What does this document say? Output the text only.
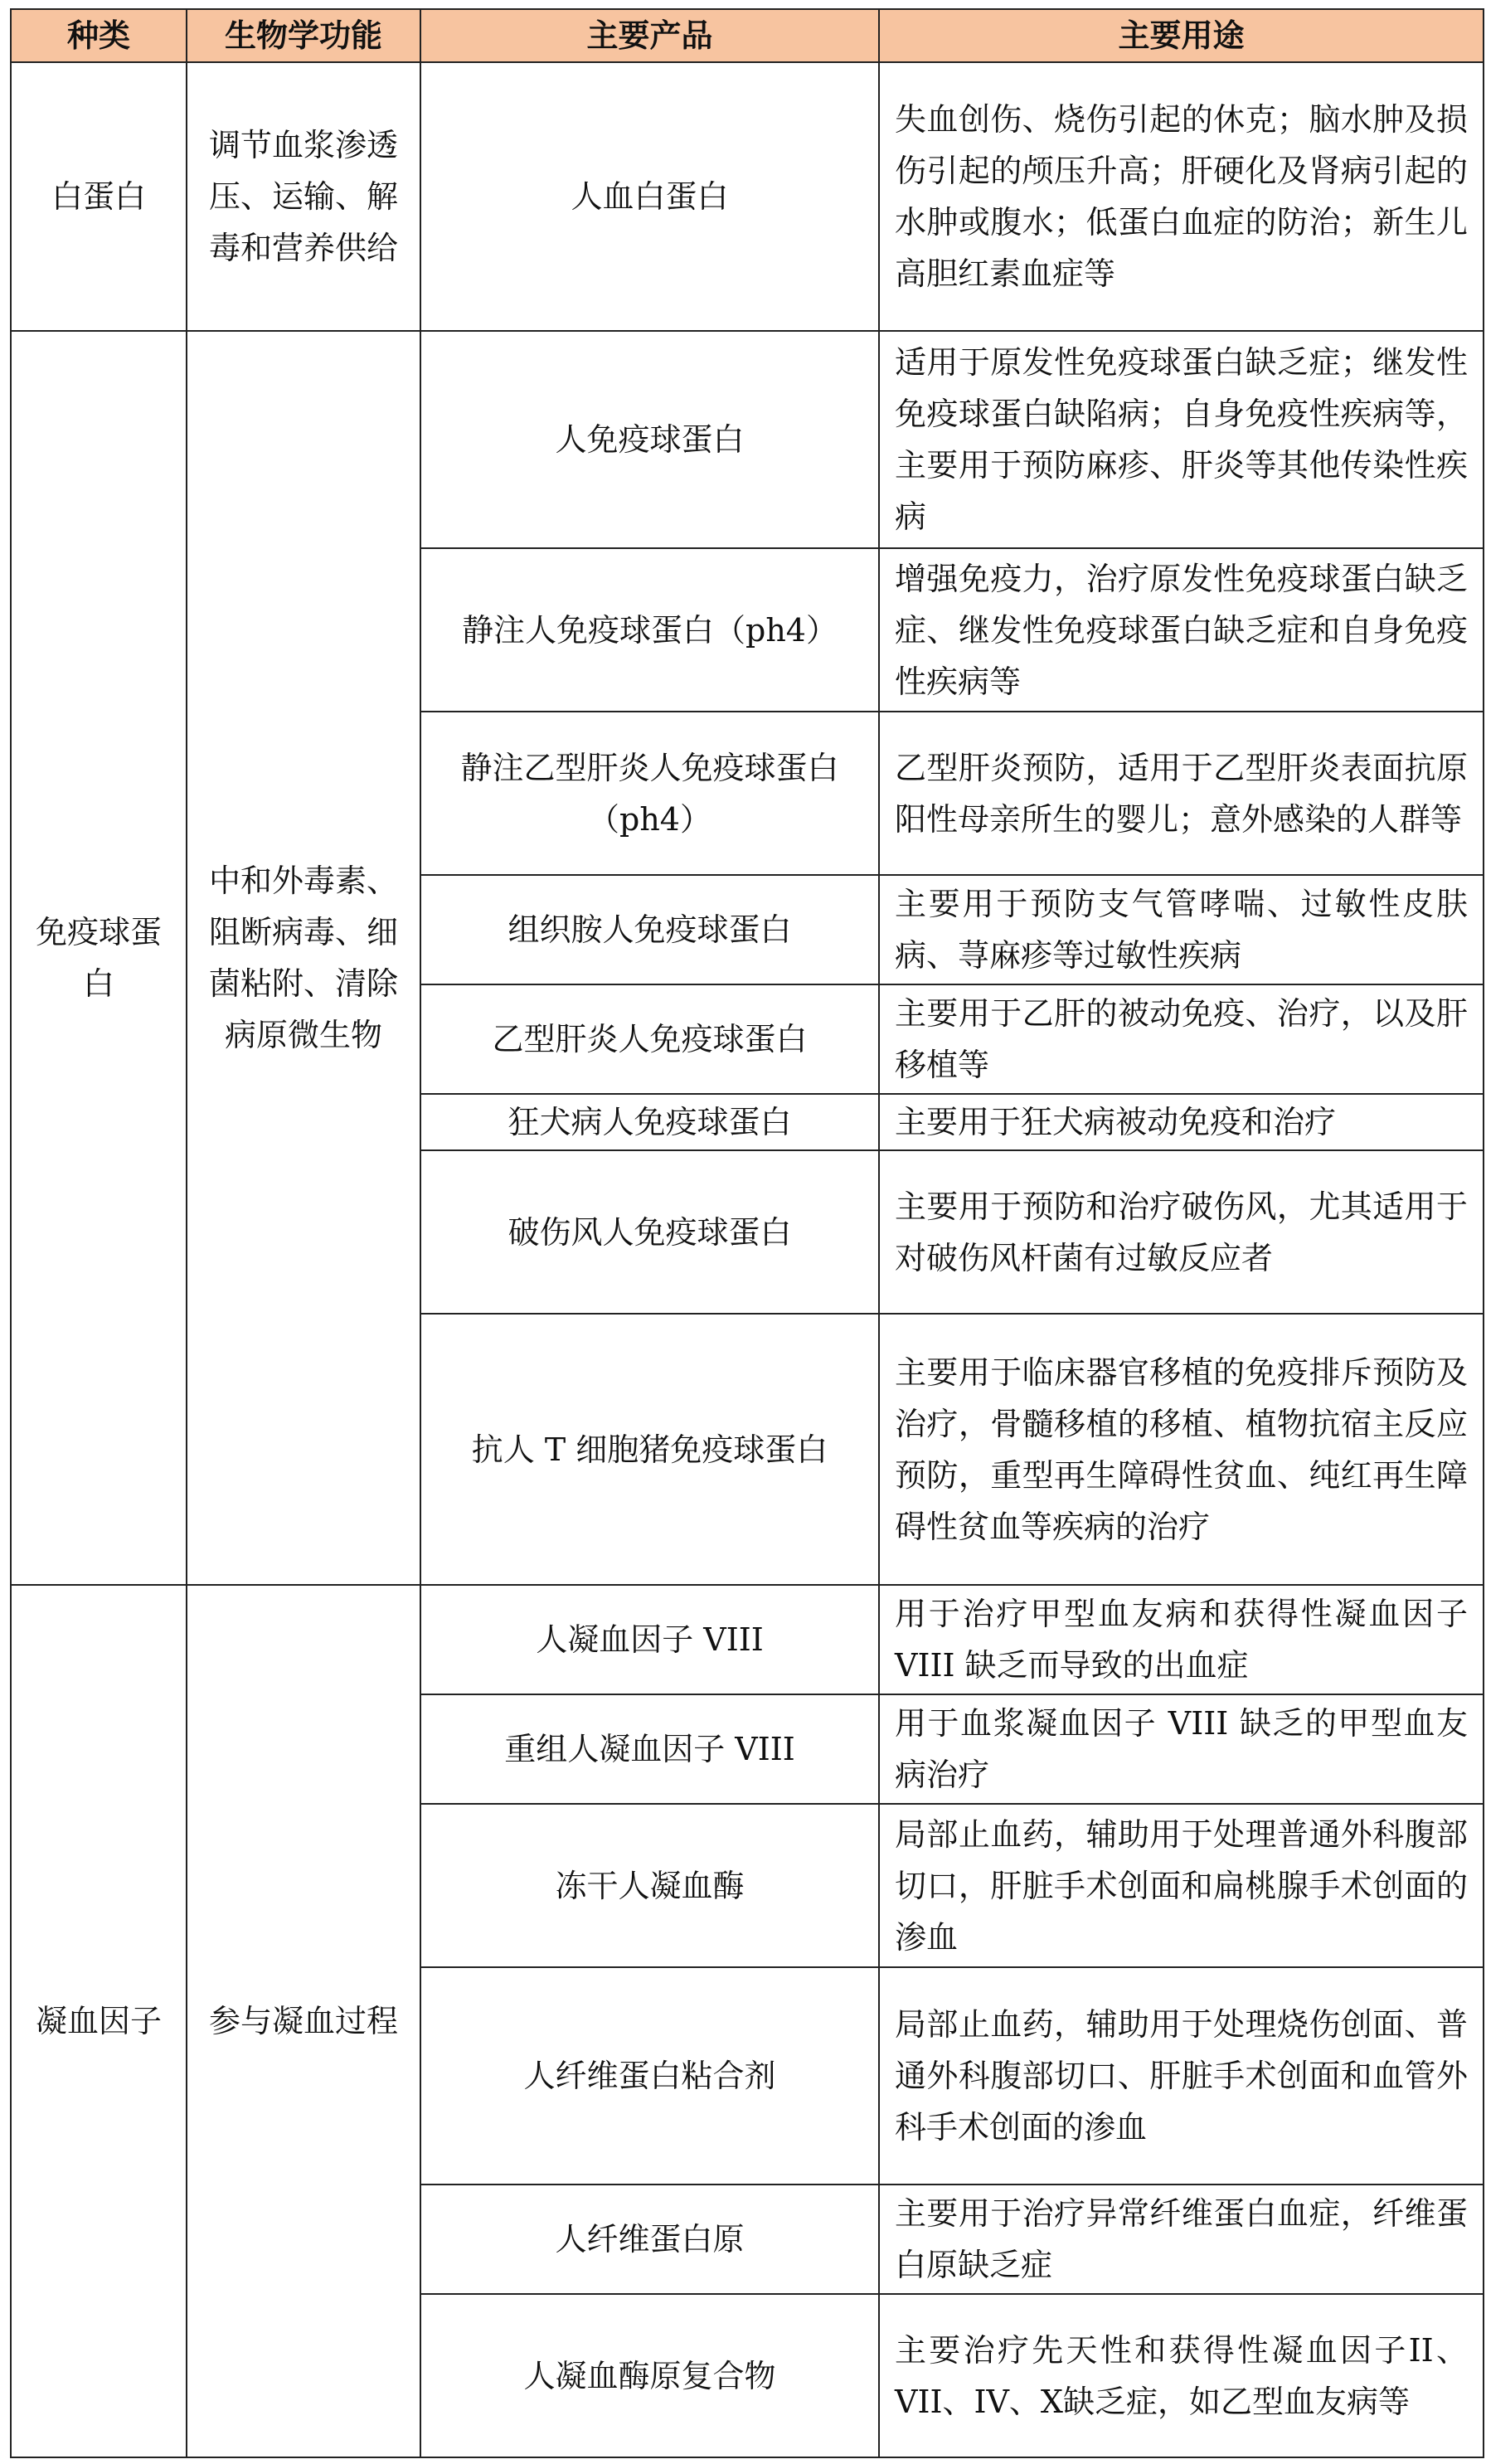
种类	生物学功能	主要产品	主要用途
白蛋白	调节血浆渗透压、运输、解毒和营养供给	人血白蛋白	失血创伤、烧伤引起的休克；脑水肿及损伤引起的颅压升高；肝硬化及肾病引起的水肿或腹水；低蛋白血症的防治；新生儿高胆红素血症等
免疫球蛋白	中和外毒素、阻断病毒、细菌粘附、清除病原微生物	人免疫球蛋白	适用于原发性免疫球蛋白缺乏症；继发性免疫球蛋白缺陷病；自身免疫性疾病等，主要用于预防麻疹、肝炎等其他传染性疾病
		静注人免疫球蛋白（ph4）	增强免疫力，治疗原发性免疫球蛋白缺乏症、继发性免疫球蛋白缺乏症和自身免疫性疾病等
		静注乙型肝炎人免疫球蛋白（ph4）	乙型肝炎预防，适用于乙型肝炎表面抗原阳性母亲所生的婴儿；意外感染的人群等
		组织胺人免疫球蛋白	主要用于预防支气管哮喘、过敏性皮肤病、荨麻疹等过敏性疾病
		乙型肝炎人免疫球蛋白	主要用于乙肝的被动免疫、治疗，以及肝移植等
		狂犬病人免疫球蛋白	主要用于狂犬病被动免疫和治疗
		破伤风人免疫球蛋白	主要用于预防和治疗破伤风，尤其适用于对破伤风杆菌有过敏反应者
		抗人 T 细胞猪免疫球蛋白	主要用于临床器官移植的免疫排斥预防及治疗，骨髓移植的移植、植物抗宿主反应预防，重型再生障碍性贫血、纯红再生障碍性贫血等疾病的治疗
凝血因子	参与凝血过程	人凝血因子 VIII	用于治疗甲型血友病和获得性凝血因子 VIII 缺乏而导致的出血症
		重组人凝血因子 VIII	用于血浆凝血因子 VIII 缺乏的甲型血友病治疗
		冻干人凝血酶	局部止血药，辅助用于处理普通外科腹部切口，肝脏手术创面和扁桃腺手术创面的渗血
		人纤维蛋白粘合剂	局部止血药，辅助用于处理烧伤创面、普通外科腹部切口、肝脏手术创面和血管外科手术创面的渗血
		人纤维蛋白原	主要用于治疗异常纤维蛋白血症，纤维蛋白原缺乏症
		人凝血酶原复合物	主要治疗先天性和获得性凝血因子II、VII、IV、X缺乏症，如乙型血友病等
